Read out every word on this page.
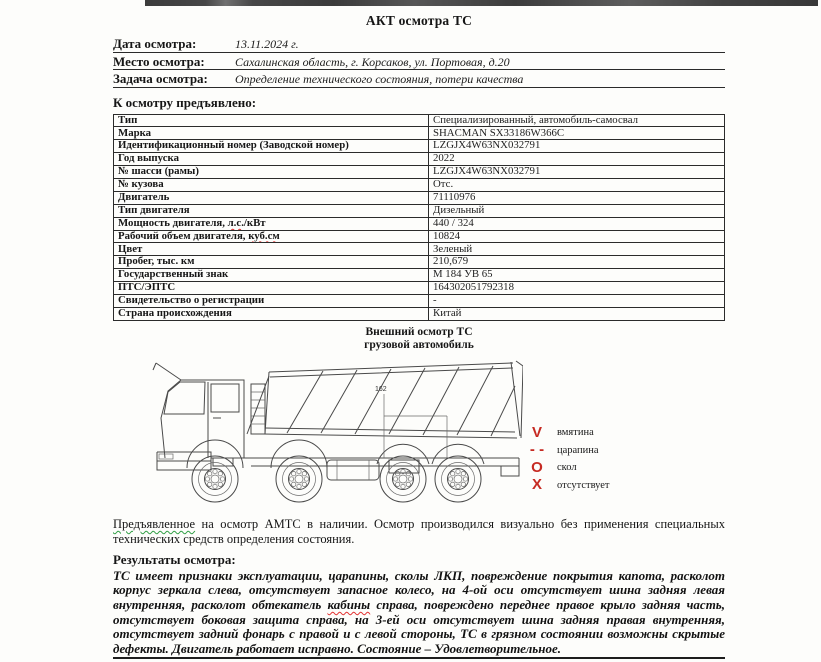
АКТ осмотра ТС
Дата осмотра:	13.11.2024 г.
Место осмотра:	Сахалинская область, г. Корсаков, ул. Портовая, д.20
Задача осмотра:	Определение технического состояния, потери качества
К осмотру предъявлено:
Тип	Специализированный, автомобиль-самосвал
Марка	SHACMAN SX33186W366C
Идентификационный номер (Заводской номер)	LZGJX4W63NX032791
Год выпуска	2022
№ шасси (рамы)	LZGJX4W63NX032791
№ кузова	Отс.
Двигатель	71110976
Тип двигателя	Дизельный
Мощность двигателя, л.с./кВт	440 / 324
Рабочий объем двигателя, куб.см	10824
Цвет	Зеленый
Пробег, тыс. км	210,679
Государственный знак	М 184 УВ 65
ПТС/ЭПТС	164302051792318
Свидетельство о регистрации	-
Страна происхождения	Китай
Внешний осмотр ТС
грузовой автомобиль
162
V	вмятина
- -	царапина
O	скол
X	отсутствует

Предъявленное на осмотр АМТС в наличии. Осмотр производился визуально без применения специальных технических средств определения состояния.

Результаты осмотра:

ТС имеет признаки эксплуатации, царапины, сколы ЛКП, повреждение покрытия капота, расколот корпус зеркала слева, отсутствует запасное колесо, на 4-ой оси отсутствует шина задняя левая внутренняя, расколот обтекатель кабины справа, повреждено переднее правое крыло задняя часть, отсутствует боковая защита справа, на 3-ей оси отсутствует шина задняя правая внутренняя, отсутствует задний фонарь с правой и с левой стороны, ТС в грязном состоянии возможны скрытые дефекты. Двигатель работает исправно. Состояние – Удовлетворительное.
